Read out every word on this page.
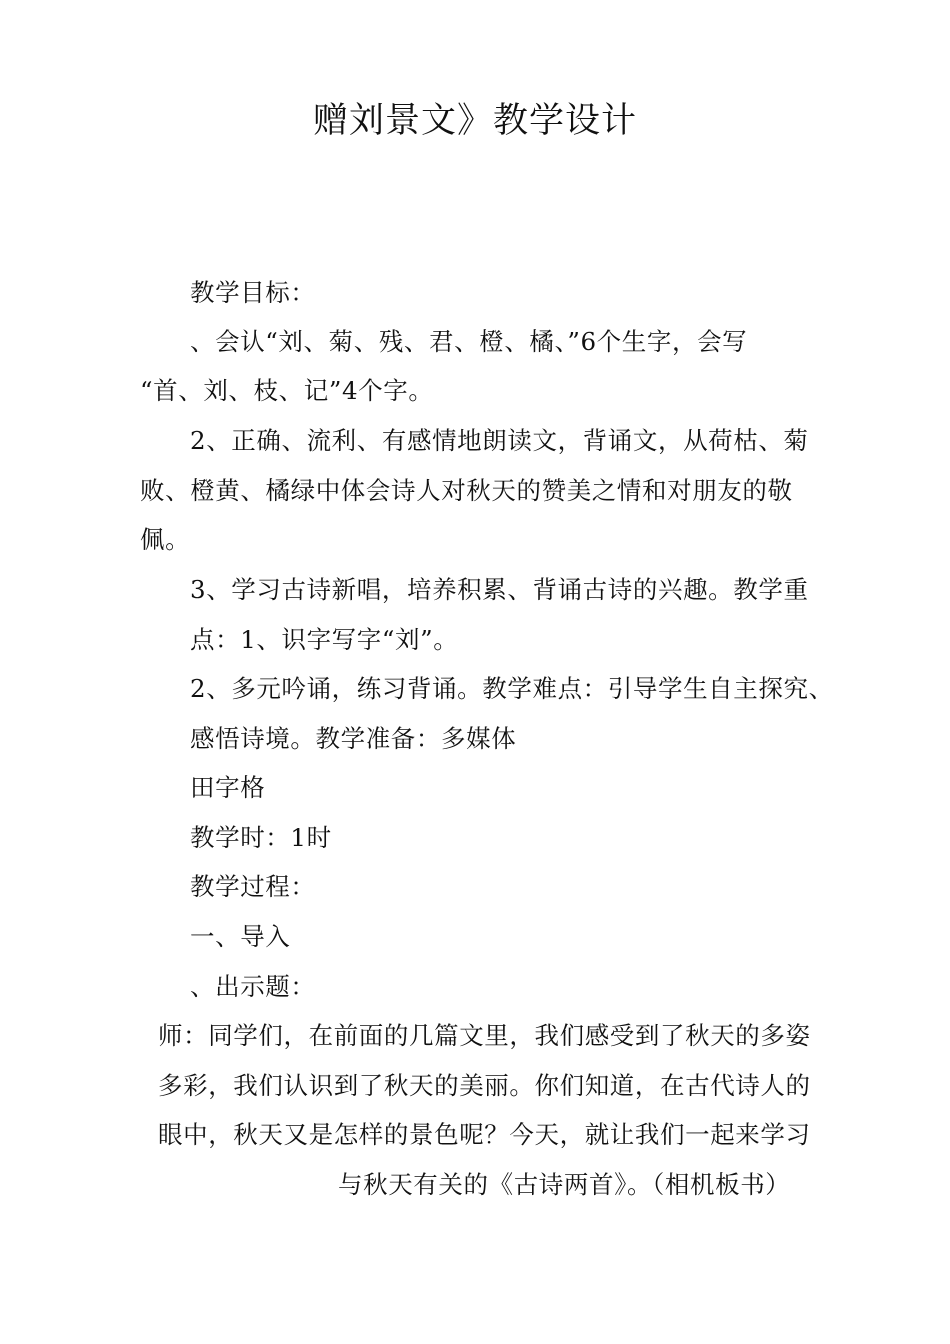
赠刘景文》教学设计
教学目标：
、会认“刘、菊、残、君、橙、橘、”6个生字，会写
“首、刘、枝、记”4个字。
2、正确、流利、有感情地朗读文，背诵文，从荷枯、菊
败、橙黄、橘绿中体会诗人对秋天的赞美之情和对朋友的敬
佩。
3、学习古诗新唱，培养积累、背诵古诗的兴趣。教学重
点：1、识字写字“刘”。
2、多元吟诵，练习背诵。教学难点：引导学生自主探究、
感悟诗境。教学准备：多媒体
田字格
教学时：1时
教学过程：
一、导入
、出示题：
师：同学们，在前面的几篇文里，我们感受到了秋天的多姿
多彩，我们认识到了秋天的美丽。你们知道，在古代诗人的
眼中，秋天又是怎样的景色呢？今天，就让我们一起来学习
与秋天有关的《古诗两首》。（相机板书）
